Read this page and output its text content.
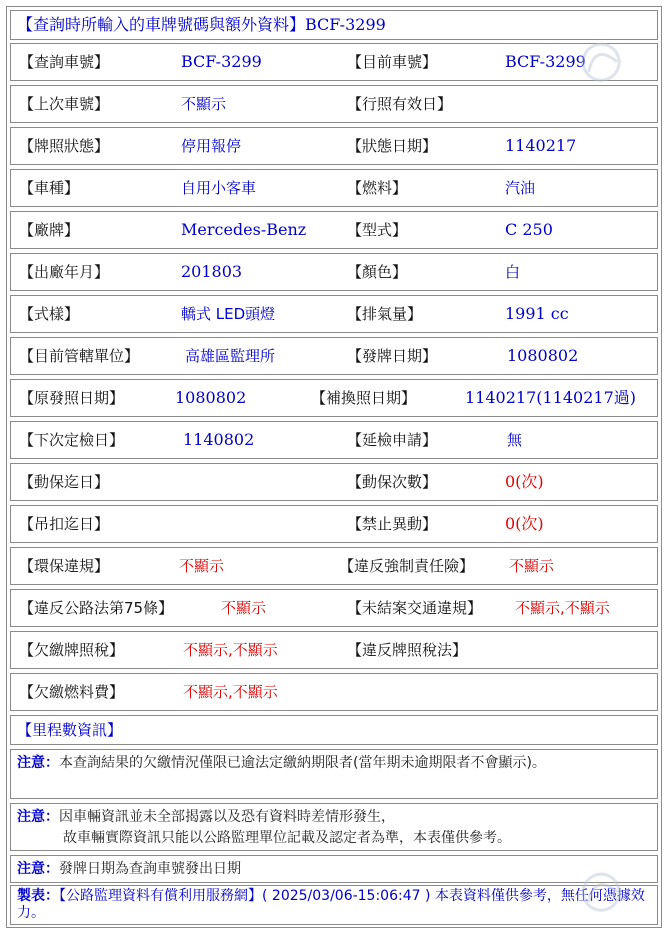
【查詢時所輸入的車牌號碼與額外資料】BCF-3299
【查詢車號】	BCF-3299	【目前車號】	BCF-3299
【上次車號】	不顯示	【行照有效日】
【牌照狀態】	停用報停	【狀態日期】	1140217
【車種】	自用小客車	【燃料】	汽油
【廠牌】	Mercedes-Benz	【型式】	C 250
【出廠年月】	201803	【顏色】	白
【式樣】	轎式 LED頭燈	【排氣量】	1991 cc
【目前管轄單位】	高雄區監理所	【發牌日期】	1080802
【原發照日期】	1080802	【補換照日期】	1140217(1140217過)
【下次定檢日】	1140802	【延檢申請】	無
【動保迄日】	【動保次數】	0(次)
【吊扣迄日】	【禁止異動】	0(次)
【環保違規】	不顯示	【違反強制責任險】 不顯示
【違反公路法第75條】	不顯示	【未結案交通違規】 不顯示,不顯示
【欠繳牌照稅】	不顯示,不顯示	【違反牌照稅法】
【欠繳燃料費】	不顯示,不顯示
【里程數資訊】
注意：本查詢結果的欠繳情況僅限已逾法定繳納期限者(當年期未逾期限者不會顯示)。
注意：因車輛資訊並未全部揭露以及恐有資料時差情形發生，
故車輛實際資訊只能以公路監理單位記載及認定者為準，本表僅供參考。
注意：發牌日期為查詢車號發出日期
製表：【公路監理資料有償利用服務網】( 2025/03/06-15:06:47 ) 本表資料僅供參考，無任何憑據效力。
